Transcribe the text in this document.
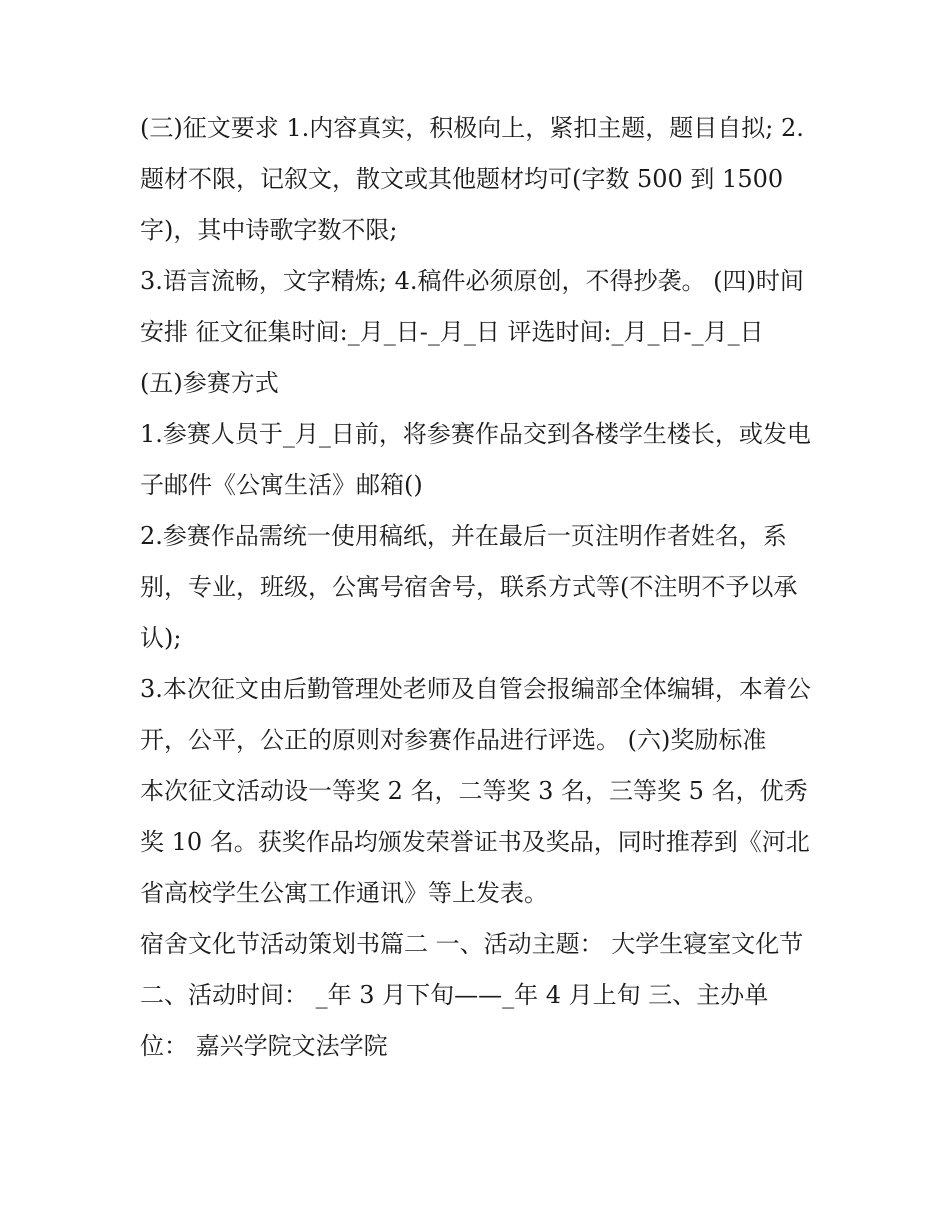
(三)征文要求 1.内容真实，积极向上，紧扣主题，题目自拟; 2.题材不限，记叙文，散文或其他题材均可(字数 500 到 1500 字)，其中诗歌字数不限;

3.语言流畅，文字精炼; 4.稿件必须原创，不得抄袭。 (四)时间安排 征文征集时间:_月_日-_月_日 评选时间:_月_日-_月_日 (五)参赛方式

1.参赛人员于_月_日前，将参赛作品交到各楼学生楼长，或发电子邮件《公寓生活》邮箱()

2.参赛作品需统一使用稿纸，并在最后一页注明作者姓名，系别，专业，班级，公寓号宿舍号，联系方式等(不注明不予以承认);

3.本次征文由后勤管理处老师及自管会报编部全体编辑，本着公开，公平，公正的原则对参赛作品进行评选。 (六)奖励标准

本次征文活动设一等奖 2 名，二等奖 3 名，三等奖 5 名，优秀奖 10 名。获奖作品均颁发荣誉证书及奖品，同时推荐到《河北省高校学生公寓工作通讯》等上发表。

宿舍文化节活动策划书篇二 一、活动主题： 大学生寝室文化节 二、活动时间： _年 3 月下旬——_年 4 月上旬 三、主办单位： 嘉兴学院文法学院
